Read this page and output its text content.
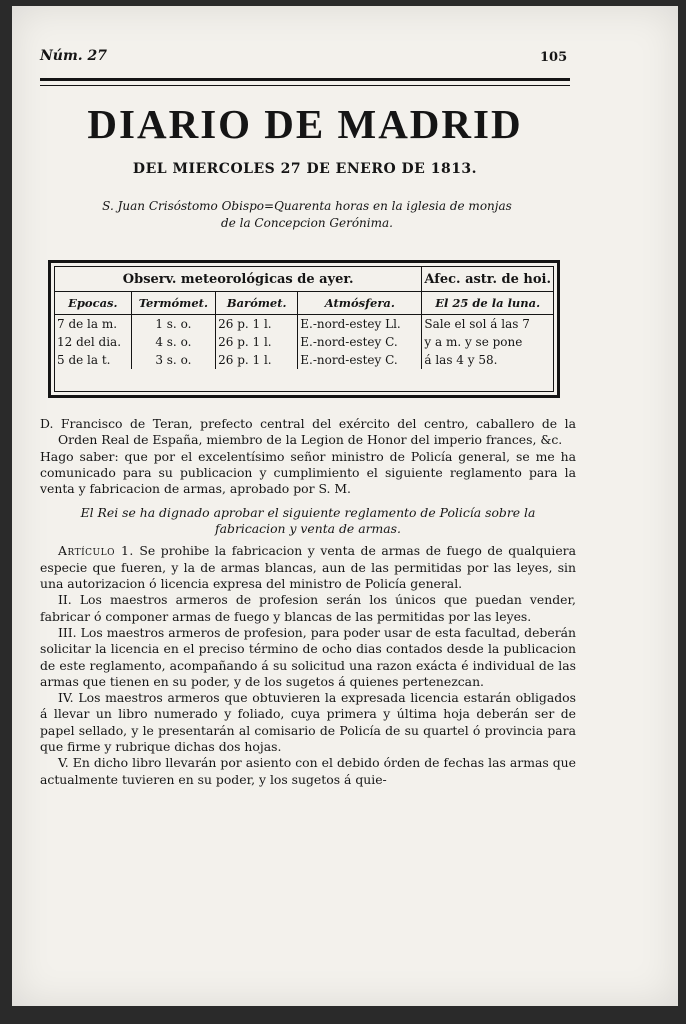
Núm. 27	105
DIARIO DE MADRID
DEL MIERCOLES 27 DE ENERO DE 1813.
S. Juan Crisóstomo Obispo=Quarenta horas en la iglesia de monjas
de la Concepcion Gerónima.
Observ. meteorológicas de ayer.				Afec. astr. de hoi.
Epocas.	Termómet.	Barómet.	Atmósfera.	El 25 de la luna.
7 de la m.	1 s. o.	26 p. 1 l.	E.-nord-estey Ll.	Sale el sol á las 7
12 del dia.	4 s. o.	26 p. 1 l.	E.-nord-estey C.	y a m. y se pone
5 de la t.	3 s. o.	26 p. 1 l.	E.-nord-estey C.	á las 4 y 58.

D. Francisco de Teran, prefecto central del exército del centro, caballero de la Orden Real de España, miembro de la Legion de Honor del imperio frances, &c.

Hago saber: que por el excelentísimo señor ministro de Policía general, se me ha comunicado para su publicacion y cumplimiento el siguiente reglamento para la venta y fabricacion de armas, aprobado por S. M.

El Rei se ha dignado aprobar el siguiente reglamento de Policía sobre la fabricacion y venta de armas.

Artículo 1. Se prohibe la fabricacion y venta de armas de fuego de qualquiera especie que fueren, y la de armas blancas, aun de las permitidas por las leyes, sin una autorizacion ó licencia expresa del ministro de Policía general.

II. Los maestros armeros de profesion serán los únicos que puedan vender, fabricar ó componer armas de fuego y blancas de las permitidas por las leyes.

III. Los maestros armeros de profesion, para poder usar de esta facultad, deberán solicitar la licencia en el preciso término de ocho dias contados desde la publicacion de este reglamento, acompañando á su solicitud una razon exácta é individual de las armas que tienen en su poder, y de los sugetos á quienes pertenezcan.

IV. Los maestros armeros que obtuvieren la expresada licencia estarán obligados á llevar un libro numerado y foliado, cuya primera y última hoja deberán ser de papel sellado, y le presentarán al comisario de Policía de su quartel ó provincia para que firme y rubrique dichas dos hojas.

V. En dicho libro llevarán por asiento con el debido órden de fechas las armas que actualmente tuvieren en su poder, y los sugetos á quie-
